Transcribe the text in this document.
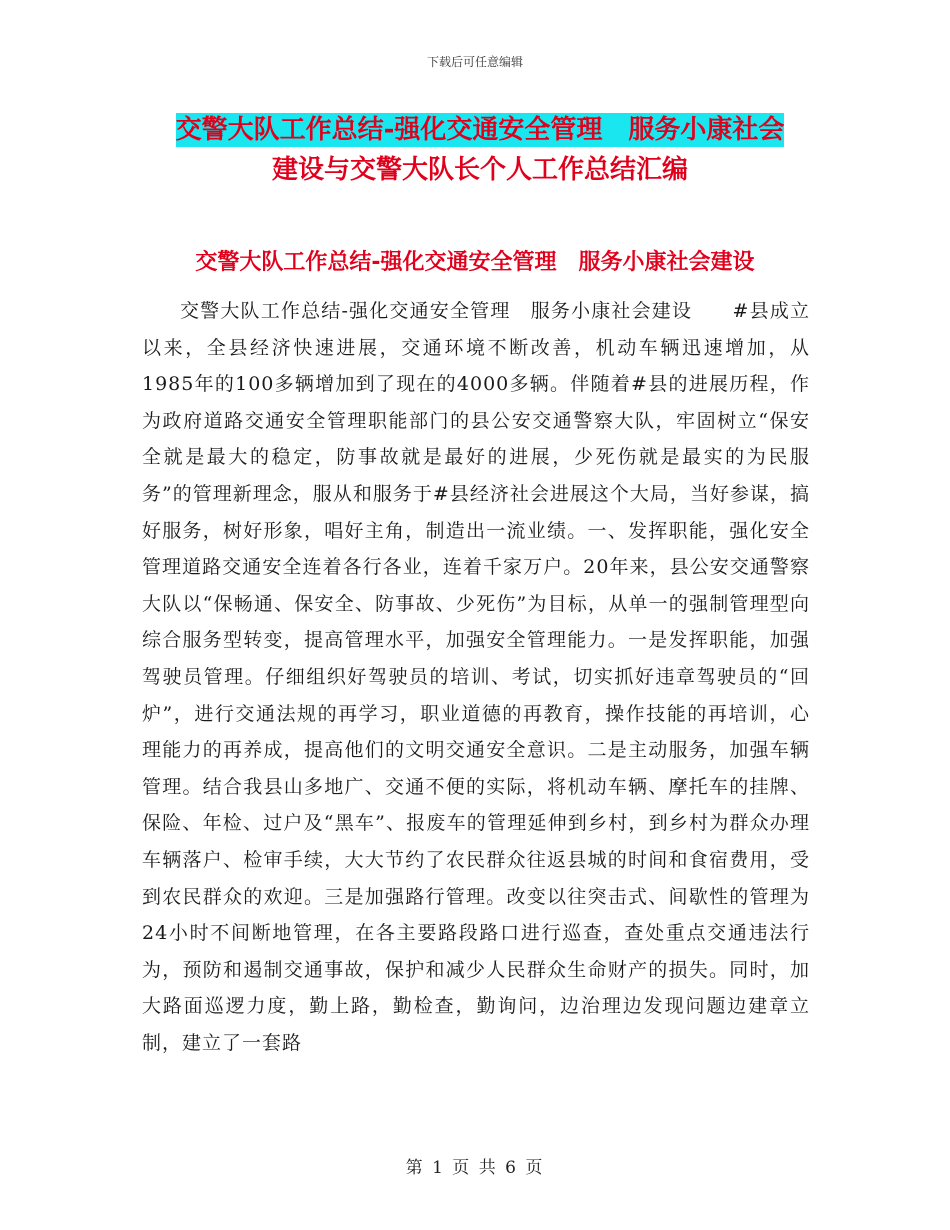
下载后可任意编辑
交警大队工作总结-强化交通安全管理　服务小康社会
建设与交警大队长个人工作总结汇编
交警大队工作总结-强化交通安全管理　服务小康社会建设

交警大队工作总结-强化交通安全管理　服务小康社会建设　　#县成立以来，全县经济快速进展，交通环境不断改善，机动车辆迅速增加，从1985年的100多辆增加到了现在的4000多辆。伴随着#县的进展历程，作为政府道路交通安全管理职能部门的县公安交通警察大队，牢固树立“保安全就是最大的稳定，防事故就是最好的进展，少死伤就是最实的为民服务”的管理新理念，服从和服务于#县经济社会进展这个大局，当好参谋，搞好服务，树好形象，唱好主角，制造出一流业绩。一、发挥职能，强化安全管理道路交通安全连着各行各业，连着千家万户。20年来，县公安交通警察大队以“保畅通、保安全、防事故、少死伤”为目标，从单一的强制管理型向综合服务型转变，提高管理水平，加强安全管理能力。一是发挥职能，加强驾驶员管理。仔细组织好驾驶员的培训、考试，切实抓好违章驾驶员的“回炉”，进行交通法规的再学习，职业道德的再教育，操作技能的再培训，心理能力的再养成，提高他们的文明交通安全意识。二是主动服务，加强车辆管理。结合我县山多地广、交通不便的实际，将机动车辆、摩托车的挂牌、保险、年检、过户及“黑车”、报废车的管理延伸到乡村，到乡村为群众办理车辆落户、检审手续，大大节约了农民群众往返县城的时间和食宿费用，受到农民群众的欢迎。三是加强路行管理。改变以往突击式、间歇性的管理为24小时不间断地管理，在各主要路段路口进行巡查，查处重点交通违法行为，预防和遏制交通事故，保护和减少人民群众生命财产的损失。同时，加大路面巡逻力度，勤上路，勤检查，勤询问，边治理边发现问题边建章立制，建立了一套路

第 1 页 共 6 页
